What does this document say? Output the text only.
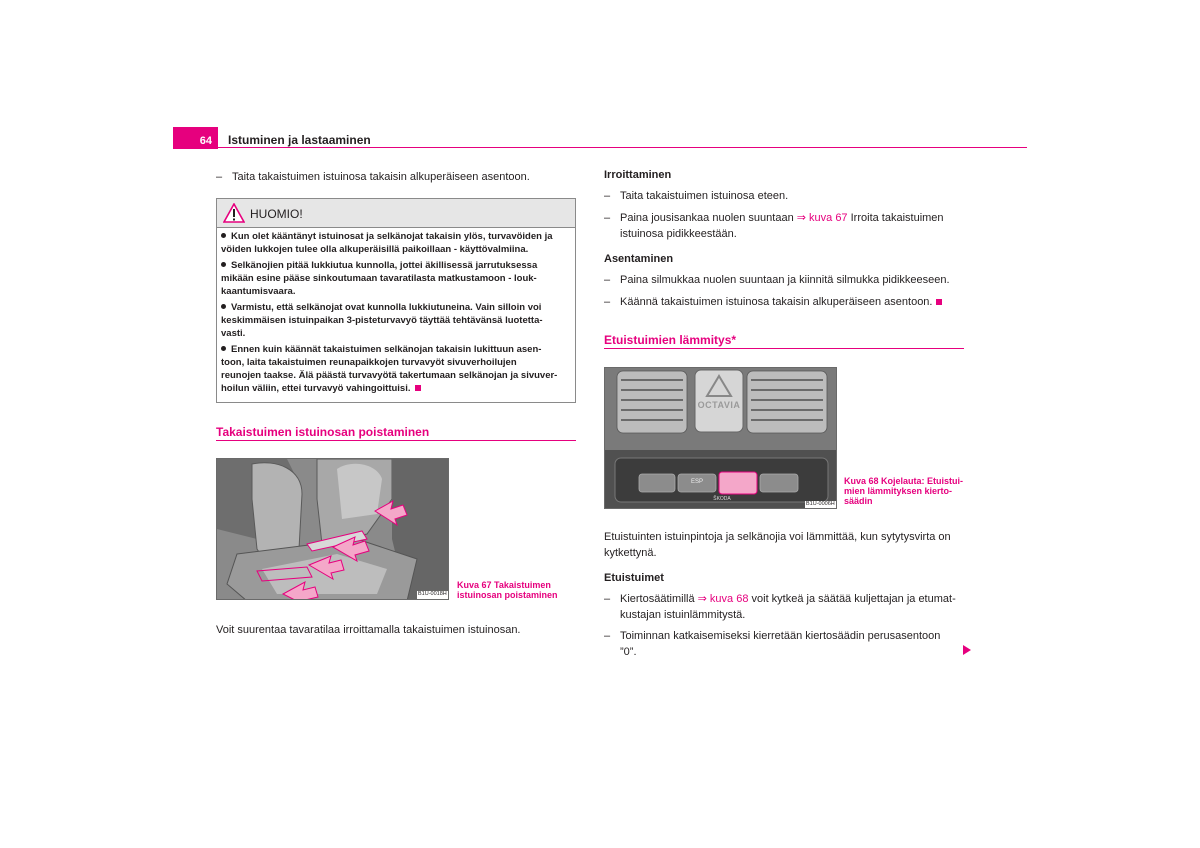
64	Istuminen ja lastaaminen
– Taita takaistuimen istuinosa takaisin alkuperäiseen asentoon.
HUOMIO!
Kun olet kääntänyt istuinosat ja selkänojat takaisin ylös, turvavöiden ja
vöiden lukkojen tulee olla alkuperäisillä paikoillaan - käyttövalmiina.
Selkänojien pitää lukkiutua kunnolla, jottei äkillisessä jarrutuksessa
mikään esine pääse sinkoutumaan tavaratilasta matkustamoon - louk-
kaantumisvaara.
Varmistu, että selkänojat ovat kunnolla lukkiutuneina. Vain silloin voi
keskimmäisen istuinpaikan 3-pisteturvavyö täyttää tehtävänsä luotetta-
vasti.
Ennen kuin käännät takaistuimen selkänojan takaisin lukittuun asen-
toon, laita takaistuimen reunapaikkojen turvavyöt sivuverhoilujen
reunojen taakse. Älä päästä turvavyötä takertumaan selkänojan ja sivuver-
hoilun väliin, ettei turvavyö vahingoittuisi.
Takaistuimen istuinosan poistaminen
B1U-0018H
Kuva 67 Takaistuimen
istuinosan poistaminen
Voit suurentaa tavaratilaa irroittamalla takaistuimen istuinosan.
Irroittaminen
– Taita takaistuimen istuinosa eteen.
– Paina jousisankaa nuolen suuntaan ⇒ kuva 67 Irroita takaistuimen
istuinosa pidikkeestään.
Asentaminen
– Paina silmukkaa nuolen suuntaan ja kiinnitä silmukka pidikkeeseen.
– Käännä takaistuimen istuinosa takaisin alkuperäiseen asentoon.
Etuistuimien lämmitys*
OCTAVIA
ESP
ŠKODA
B1U-0006H
Kuva 68 Kojelauta: Etuistui-
mien lämmityksen kierto-
säädin
Etuistuinten istuinpintoja ja selkänojia voi lämmittää, kun sytytysvirta on
kytkettynä.
Etuistuimet
– Kiertosäätimillä ⇒ kuva 68 voit kytkeä ja säätää kuljettajan ja etumat-
kustajan istuinlämmitystä.
– Toiminnan katkaisemiseksi kierretään kiertosäädin perusasentoon
”0”.
